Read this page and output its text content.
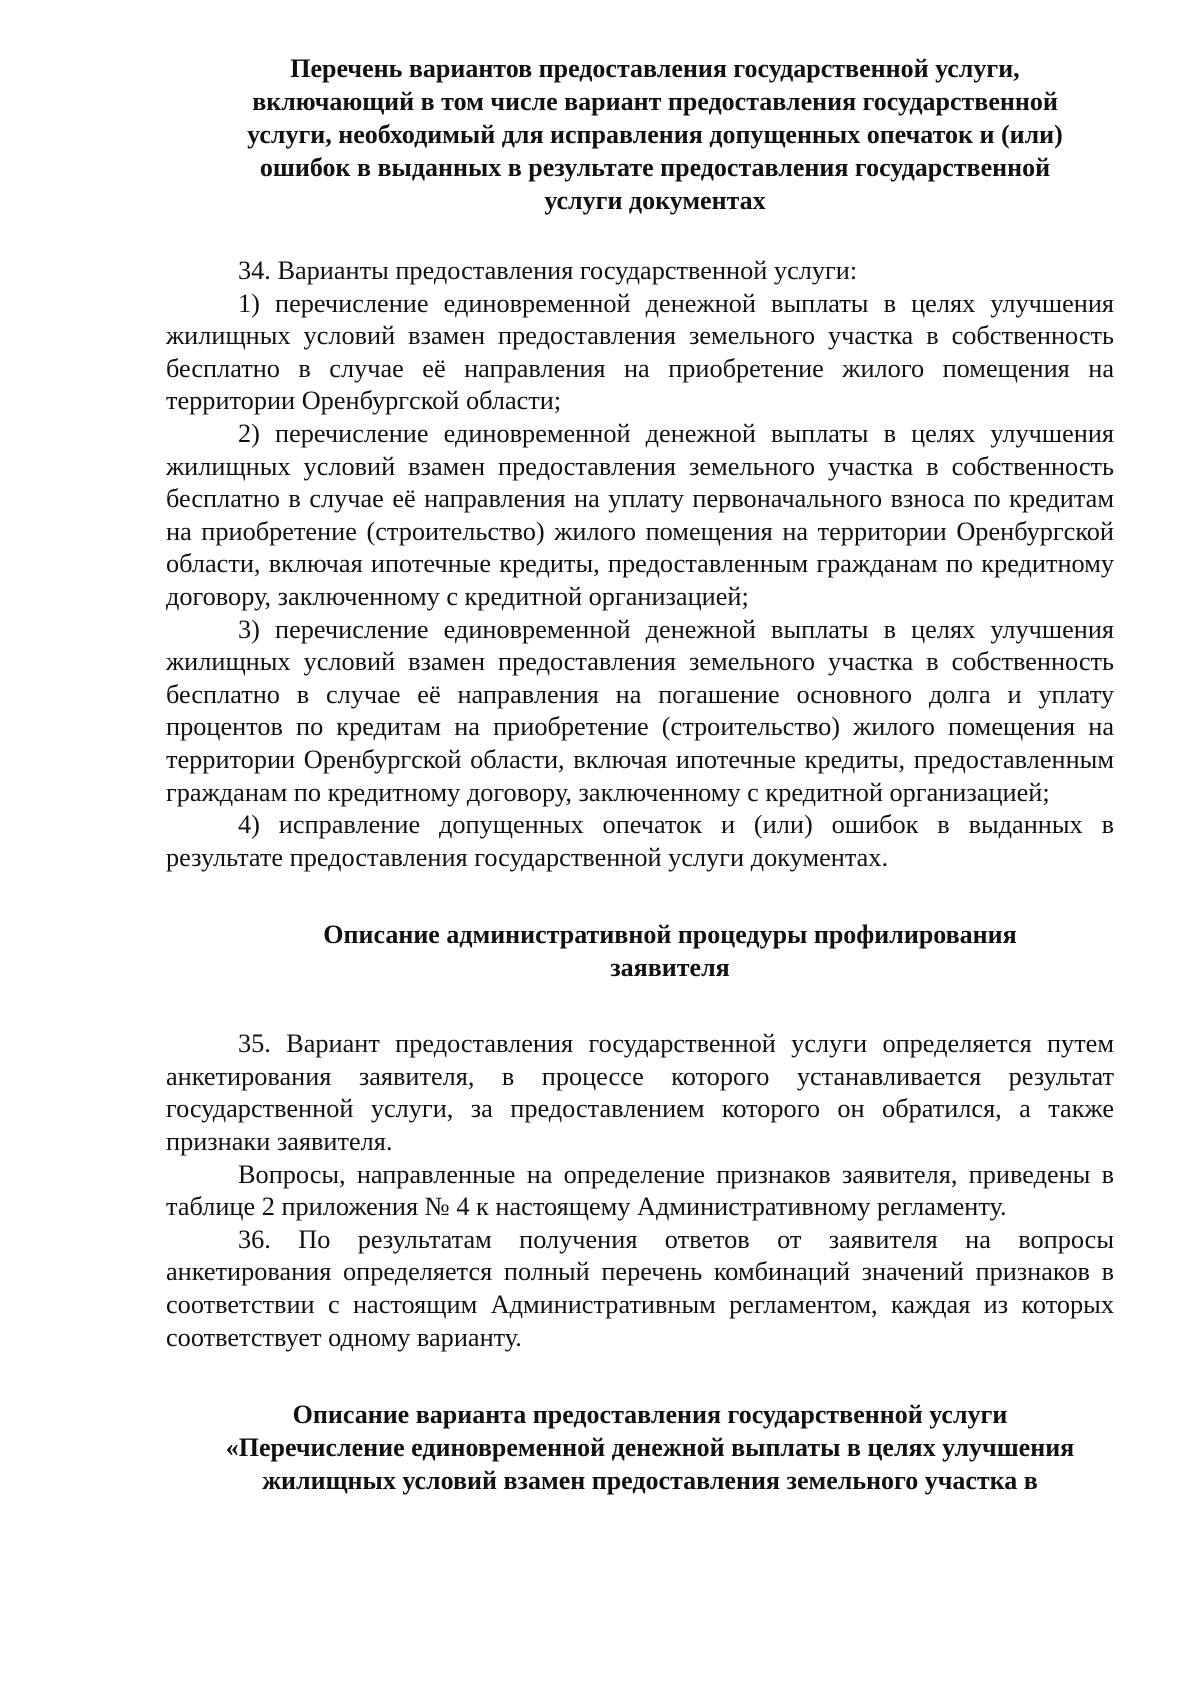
Перечень вариантов предоставления государственной услуги,
включающий в том числе вариант предоставления государственной
услуги, необходимый для исправления допущенных опечаток и (или)
ошибок в выданных в результате предоставления государственной
услуги документах

34. Варианты предоставления государственной услуги:

1) перечисление единовременной денежной выплаты в целях улучшения жилищных условий взамен предоставления земельного участка в собственность бесплатно в случае её направления на приобретение жилого помещения на территории Оренбургской области;

2) перечисление единовременной денежной выплаты в целях улучшения жилищных условий взамен предоставления земельного участка в собственность бесплатно в случае её направления на уплату первоначального взноса по кредитам на приобретение (строительство) жилого помещения на территории Оренбургской области, включая ипотечные кредиты, предоставленным гражданам по кредитному договору, заключенному с кредитной организацией;

3) перечисление единовременной денежной выплаты в целях улучшения жилищных условий взамен предоставления земельного участка в собственность бесплатно в случае её направления на погашение основного долга и уплату процентов по кредитам на приобретение (строительство) жилого помещения на территории Оренбургской области, включая ипотечные кредиты, предоставленным гражданам по кредитному договору, заключенному с кредитной организацией;

4) исправление допущенных опечаток и (или) ошибок в выданных в результате предоставления государственной услуги документах.

Описание административной процедуры профилирования
заявителя

35. Вариант предоставления государственной услуги определяется путем анкетирования заявителя, в процессе которого устанавливается результат государственной услуги, за предоставлением которого он обратился, а также признаки заявителя.

Вопросы, направленные на определение признаков заявителя, приведены в таблице 2 приложения № 4 к настоящему Административному регламенту.

36. По результатам получения ответов от заявителя на вопросы анкетирования определяется полный перечень комбинаций значений признаков в соответствии с настоящим Административным регламентом, каждая из которых соответствует одному варианту.

Описание варианта предоставления государственной услуги
«Перечисление единовременной денежной выплаты в целях улучшения
жилищных условий взамен предоставления земельного участка в
